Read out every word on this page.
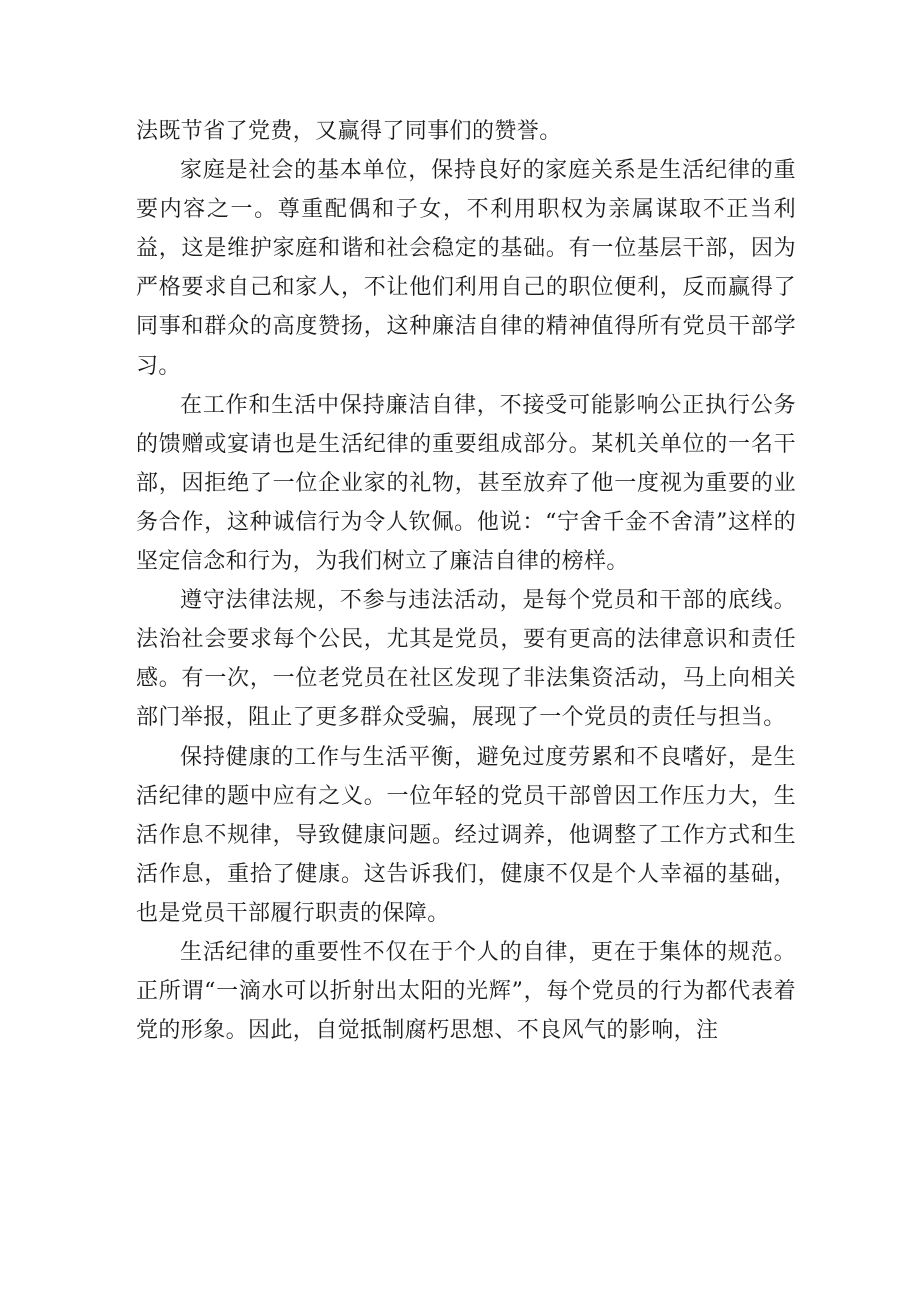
法既节省了党费，又赢得了同事们的赞誉。

家庭是社会的基本单位，保持良好的家庭关系是生活纪律的重要内容之一。尊重配偶和子女，不利用职权为亲属谋取不正当利益，这是维护家庭和谐和社会稳定的基础。有一位基层干部，因为严格要求自己和家人，不让他们利用自己的职位便利，反而赢得了同事和群众的高度赞扬，这种廉洁自律的精神值得所有党员干部学习。

在工作和生活中保持廉洁自律，不接受可能影响公正执行公务的馈赠或宴请也是生活纪律的重要组成部分。某机关单位的一名干部，因拒绝了一位企业家的礼物，甚至放弃了他一度视为重要的业务合作，这种诚信行为令人钦佩。他说：“宁舍千金不舍清”这样的坚定信念和行为，为我们树立了廉洁自律的榜样。

遵守法律法规，不参与违法活动，是每个党员和干部的底线。法治社会要求每个公民，尤其是党员，要有更高的法律意识和责任感。有一次，一位老党员在社区发现了非法集资活动，马上向相关部门举报，阻止了更多群众受骗，展现了一个党员的责任与担当。

保持健康的工作与生活平衡，避免过度劳累和不良嗜好，是生活纪律的题中应有之义。一位年轻的党员干部曾因工作压力大，生活作息不规律，导致健康问题。经过调养，他调整了工作方式和生活作息，重拾了健康。这告诉我们，健康不仅是个人幸福的基础，也是党员干部履行职责的保障。

生活纪律的重要性不仅在于个人的自律，更在于集体的规范。正所谓“一滴水可以折射出太阳的光辉”，每个党员的行为都代表着党的形象。因此，自觉抵制腐朽思想、不良风气的影响，注
